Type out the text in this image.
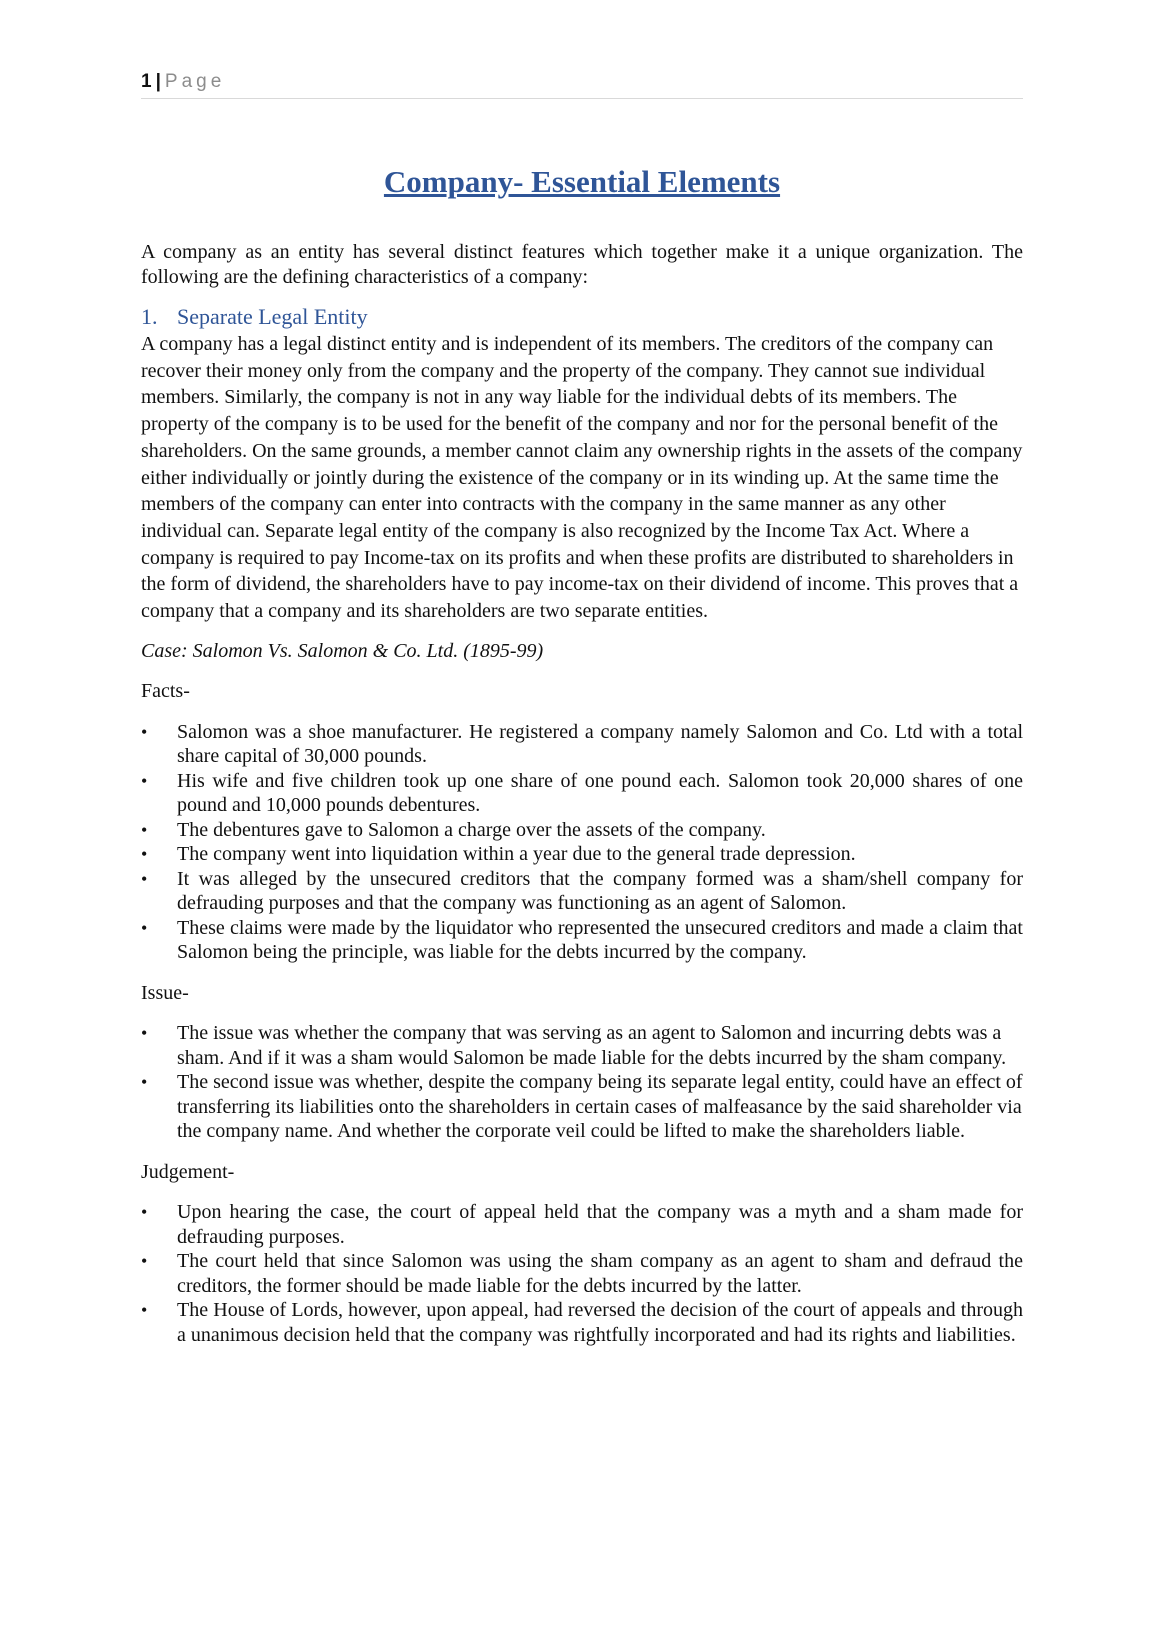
1 | Page
Company- Essential Elements

A company as an entity has several distinct features which together make it a unique organization. The following are the defining characteristics of a company:

1. Separate Legal Entity

A company has a legal distinct entity and is independent of its members. The creditors of the company can recover their money only from the company and the property of the company. They cannot sue individual members. Similarly, the company is not in any way liable for the individual debts of its members. The property of the company is to be used for the benefit of the company and nor for the personal benefit of the shareholders. On the same grounds, a member cannot claim any ownership rights in the assets of the company either individually or jointly during the existence of the company or in its winding up. At the same time the members of the company can enter into contracts with the company in the same manner as any other individual can. Separate legal entity of the company is also recognized by the Income Tax Act. Where a company is required to pay Income-tax on its profits and when these profits are distributed to shareholders in the form of dividend, the shareholders have to pay income-tax on their dividend of income. This proves that a company that a company and its shareholders are two separate entities.

Case: Salomon Vs. Salomon & Co. Ltd. (1895-99)

Facts-

• Salomon was a shoe manufacturer. He registered a company namely Salomon and Co. Ltd with a total share capital of 30,000 pounds.
• His wife and five children took up one share of one pound each. Salomon took 20,000 shares of one pound and 10,000 pounds debentures.
• The debentures gave to Salomon a charge over the assets of the company.
• The company went into liquidation within a year due to the general trade depression.
• It was alleged by the unsecured creditors that the company formed was a sham/shell company for defrauding purposes and that the company was functioning as an agent of Salomon.
• These claims were made by the liquidator who represented the unsecured creditors and made a claim that Salomon being the principle, was liable for the debts incurred by the company.

Issue-

• The issue was whether the company that was serving as an agent to Salomon and incurring debts was a sham. And if it was a sham would Salomon be made liable for the debts incurred by the sham company.
• The second issue was whether, despite the company being its separate legal entity, could have an effect of transferring its liabilities onto the shareholders in certain cases of malfeasance by the said shareholder via the company name. And whether the corporate veil could be lifted to make the shareholders liable.

Judgement-

• Upon hearing the case, the court of appeal held that the company was a myth and a sham made for defrauding purposes.
• The court held that since Salomon was using the sham company as an agent to sham and defraud the creditors, the former should be made liable for the debts incurred by the latter.
• The House of Lords, however, upon appeal, had reversed the decision of the court of appeals and through a unanimous decision held that the company was rightfully incorporated and had its rights and liabilities.
